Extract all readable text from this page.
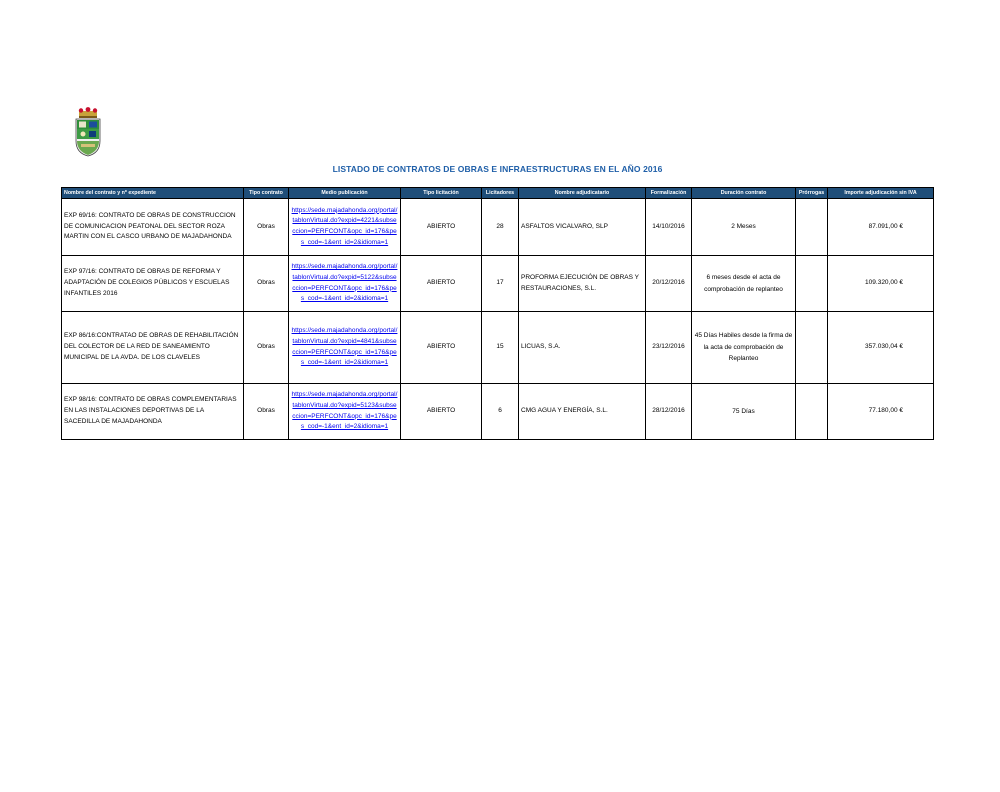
LISTADO DE CONTRATOS DE OBRAS E INFRAESTRUCTURAS EN EL AÑO 2016
Nombre del contrato y nº expediente	Tipo contrato	Medio publicación	Tipo licitación	Licitadores	Nombre adjudicatario	Formalización	Duración contrato	Prórrogas	Importe adjudicación sin IVA
EXP 69/16: CONTRATO DE OBRAS DE CONSTRUCCION DE COMUNICACION PEATONAL DEL SECTOR ROZA MARTIN CON EL CASCO URBANO DE MAJADAHONDA	Obras	https://sede.majadahonda.org/portal/tablonVirtual.do?expid=4221&subseccion=PERFCONT&opc_id=176&pes_cod=-1&ent_id=2&idioma=1	ABIERTO	28	ASFALTOS VICALVARO, SLP	14/10/2016	2 Meses		87.091,00 €
EXP 97/16: CONTRATO DE OBRAS DE REFORMA Y ADAPTACIÓN DE COLEGIOS PÚBLICOS Y ESCUELAS INFANTILES 2016	Obras	https://sede.majadahonda.org/portal/tablonVirtual.do?expid=5122&subseccion=PERFCONT&opc_id=176&pes_cod=-1&ent_id=2&idioma=1	ABIERTO	17	PROFORMA EJECUCIÓN DE OBRAS Y RESTAURACIONES, S.L.	20/12/2016	6 meses desde el acta de comprobación de replanteo		109.320,00 €
EXP 86/16:CONTRATAO DE OBRAS DE REHABILITACIÓN DEL COLECTOR DE LA RED DE SANEAMIENTO MUNICIPAL DE LA AVDA. DE LOS CLAVELES	Obras	https://sede.majadahonda.org/portal/tablonVirtual.do?expid=4841&subseccion=PERFCONT&opc_id=176&pes_cod=-1&ent_id=2&idioma=1	ABIERTO	15	LICUAS, S.A.	23/12/2016	45 Días Habiles desde la firma de la acta de comprobación de Replanteo		357.030,04 €
EXP 98/16: CONTRATO DE OBRAS COMPLEMENTARIAS EN LAS INSTALACIONES DEPORTIVAS DE LA SACEDILLA DE MAJADAHONDA	Obras	https://sede.majadahonda.org/portal/tablonVirtual.do?expid=5123&subseccion=PERFCONT&opc_id=176&pes_cod=-1&ent_id=2&idioma=1	ABIERTO	6	CMG AGUA Y ENERGÍA, S.L.	28/12/2016	75 Días		77.180,00 €
